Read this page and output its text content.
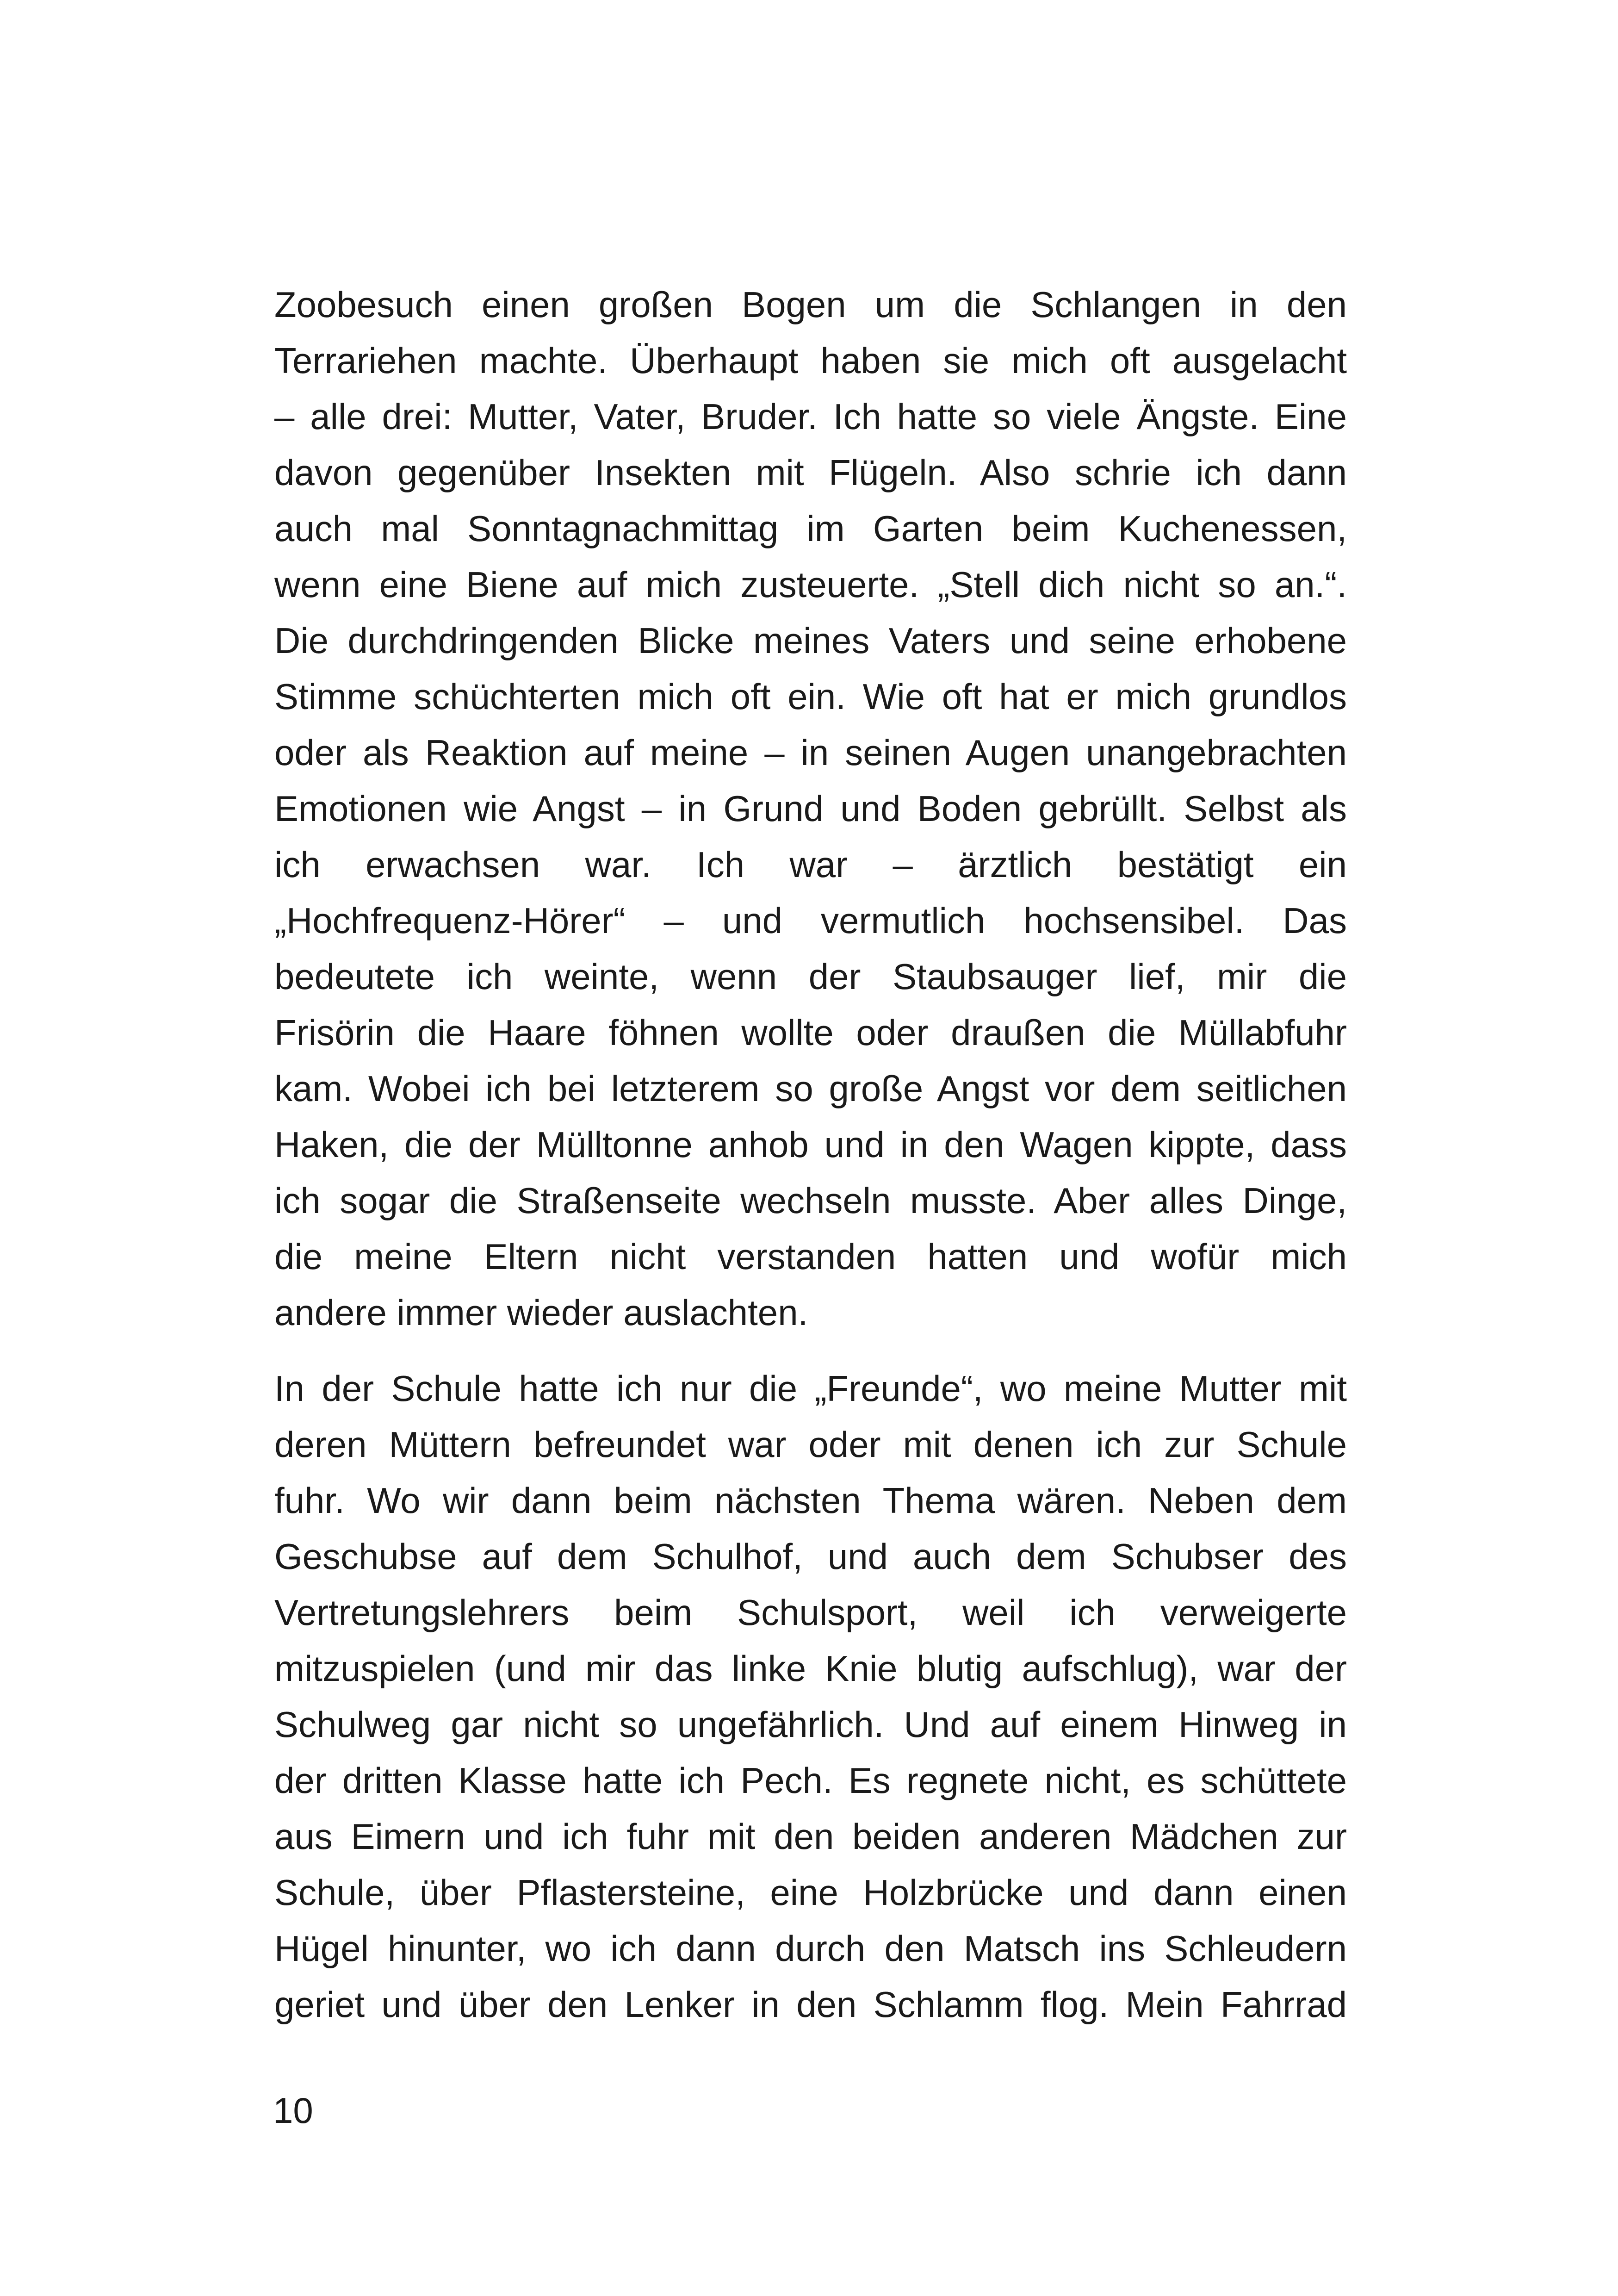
Zoobesuch einen großen Bogen um die Schlangen in den
Terrariehen machte. Überhaupt haben sie mich oft ausgelacht
– alle drei: Mutter, Vater, Bruder. Ich hatte so viele Ängste. Eine
davon gegenüber Insekten mit Flügeln. Also schrie ich dann
auch mal Sonntagnachmittag im Garten beim Kuchenessen,
wenn eine Biene auf mich zusteuerte. „Stell dich nicht so an.“.
Die durchdringenden Blicke meines Vaters und seine erhobene
Stimme schüchterten mich oft ein. Wie oft hat er mich grundlos
oder als Reaktion auf meine – in seinen Augen unangebrachten
Emotionen wie Angst – in Grund und Boden gebrüllt. Selbst als
ich erwachsen war. Ich war – ärztlich bestätigt ein
„Hochfrequenz-Hörer“ – und vermutlich hochsensibel. Das
bedeutete ich weinte, wenn der Staubsauger lief, mir die
Frisörin die Haare föhnen wollte oder draußen die Müllabfuhr
kam. Wobei ich bei letzterem so große Angst vor dem seitlichen
Haken, die der Mülltonne anhob und in den Wagen kippte, dass
ich sogar die Straßenseite wechseln musste. Aber alles Dinge,
die meine Eltern nicht verstanden hatten und wofür mich
andere immer wieder auslachten.
In der Schule hatte ich nur die „Freunde“, wo meine Mutter mit
deren Müttern befreundet war oder mit denen ich zur Schule
fuhr. Wo wir dann beim nächsten Thema wären. Neben dem
Geschubse auf dem Schulhof, und auch dem Schubser des
Vertretungslehrers beim Schulsport, weil ich verweigerte
mitzuspielen (und mir das linke Knie blutig aufschlug), war der
Schulweg gar nicht so ungefährlich. Und auf einem Hinweg in
der dritten Klasse hatte ich Pech. Es regnete nicht, es schüttete
aus Eimern und ich fuhr mit den beiden anderen Mädchen zur
Schule, über Pflastersteine, eine Holzbrücke und dann einen
Hügel hinunter, wo ich dann durch den Matsch ins Schleudern
geriet und über den Lenker in den Schlamm flog. Mein Fahrrad
10
